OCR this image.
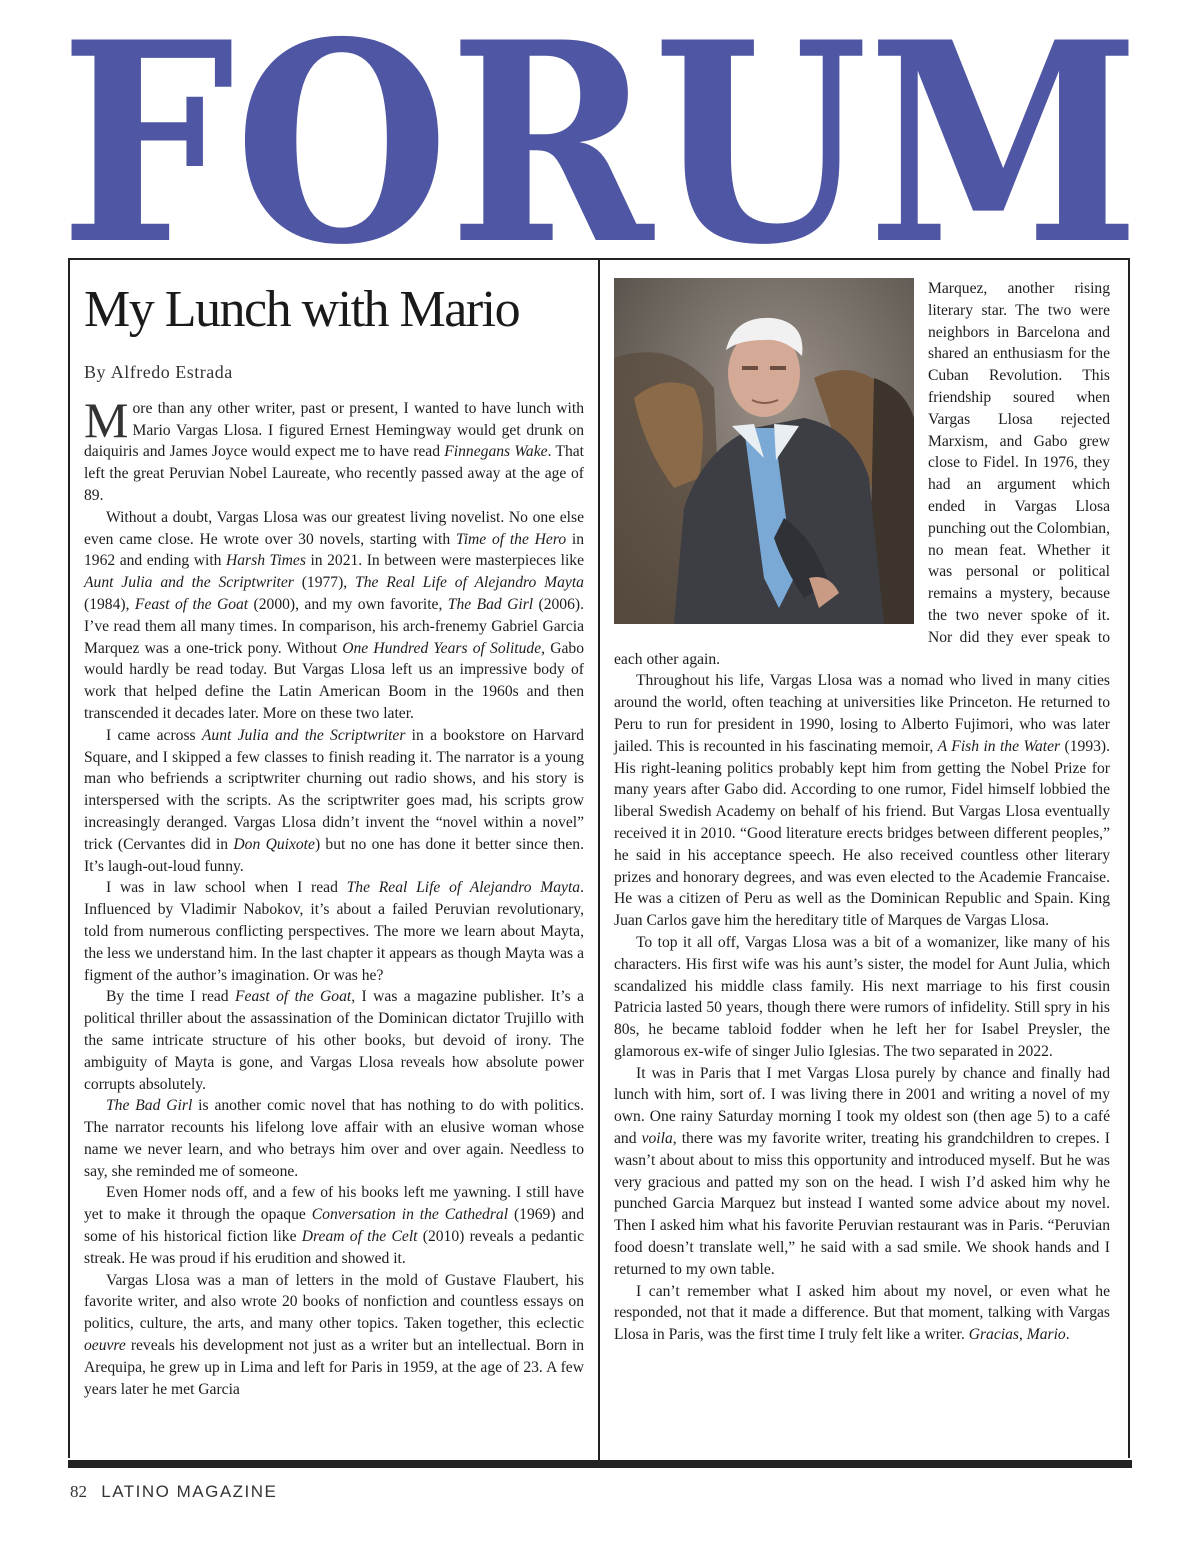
FORUM
My Lunch with Mario
By Alfredo Estrada

More than any other writer, past or present, I wanted to have lunch with Mario Vargas Llosa. I figured Ernest Hemingway would get drunk on daiquiris and James Joyce would expect me to have read Finnegans Wake. That left the great Peruvian Nobel Laureate, who recently passed away at the age of 89.

Without a doubt, Vargas Llosa was our greatest living novelist. No one else even came close. He wrote over 30 novels, starting with Time of the Hero in 1962 and ending with Harsh Times in 2021. In between were masterpieces like Aunt Julia and the Scriptwriter (1977), The Real Life of Alejandro Mayta (1984), Feast of the Goat (2000), and my own favorite, The Bad Girl (2006). I’ve read them all many times. In comparison, his arch-frenemy Gabriel Garcia Marquez was a one-trick pony. Without One Hundred Years of Solitude, Gabo would hardly be read today. But Vargas Llosa left us an impressive body of work that helped define the Latin American Boom in the 1960s and then transcended it decades later. More on these two later.

I came across Aunt Julia and the Scriptwriter in a bookstore on Harvard Square, and I skipped a few classes to finish reading it. The narrator is a young man who befriends a scriptwriter churning out radio shows, and his story is interspersed with the scripts. As the scriptwriter goes mad, his scripts grow increasingly deranged. Vargas Llosa didn’t invent the “novel within a novel” trick (Cervantes did in Don Quixote) but no one has done it better since then. It’s laugh-out-loud funny.

I was in law school when I read The Real Life of Alejandro Mayta. Influenced by Vladimir Nabokov, it’s about a failed Peruvian revolutionary, told from numerous conflicting perspectives. The more we learn about Mayta, the less we understand him. In the last chapter it appears as though Mayta was a figment of the author’s imagination. Or was he?

By the time I read Feast of the Goat, I was a magazine publisher. It’s a political thriller about the assassination of the Dominican dictator Trujillo with the same intricate structure of his other books, but devoid of irony. The ambiguity of Mayta is gone, and Vargas Llosa reveals how absolute power corrupts absolutely.

The Bad Girl is another comic novel that has nothing to do with politics. The narrator recounts his lifelong love affair with an elusive woman whose name we never learn, and who betrays him over and over again. Needless to say, she reminded me of someone.

Even Homer nods off, and a few of his books left me yawning. I still have yet to make it through the opaque Conversation in the Cathedral (1969) and some of his historical fiction like Dream of the Celt (2010) reveals a pedantic streak. He was proud if his erudition and showed it.

Vargas Llosa was a man of letters in the mold of Gustave Flaubert, his favorite writer, and also wrote 20 books of nonfiction and countless essays on politics, culture, the arts, and many other topics. Taken together, this eclectic oeuvre reveals his development not just as a writer but an intellectual. Born in Arequipa, he grew up in Lima and left for Paris in 1959, at the age of 23. A few years later he met Garcia

Marquez, another rising literary star. The two were neighbors in Barcelona and shared an enthusiasm for the Cuban Revolution. This friendship soured when Vargas Llosa rejected Marxism, and Gabo grew close to Fidel. In 1976, they had an argument which ended in Vargas Llosa punching out the Colombian, no mean feat. Whether it was personal or political remains a mystery, because the two never spoke of it. Nor did they ever speak to each other again.

Throughout his life, Vargas Llosa was a nomad who lived in many cities around the world, often teaching at universities like Princeton. He returned to Peru to run for president in 1990, losing to Alberto Fujimori, who was later jailed. This is recounted in his fascinating memoir, A Fish in the Water (1993). His right-leaning politics probably kept him from getting the Nobel Prize for many years after Gabo did. According to one rumor, Fidel himself lobbied the liberal Swedish Academy on behalf of his friend. But Vargas Llosa eventually received it in 2010. “Good literature erects bridges between different peoples,” he said in his acceptance speech. He also received countless other literary prizes and honorary degrees, and was even elected to the Academie Francaise. He was a citizen of Peru as well as the Dominican Republic and Spain. King Juan Carlos gave him the hereditary title of Marques de Vargas Llosa.

To top it all off, Vargas Llosa was a bit of a womanizer, like many of his characters. His first wife was his aunt’s sister, the model for Aunt Julia, which scandalized his middle class family. His next marriage to his first cousin Patricia lasted 50 years, though there were rumors of infidelity. Still spry in his 80s, he became tabloid fodder when he left her for Isabel Preysler, the glamorous ex-wife of singer Julio Iglesias. The two separated in 2022.

It was in Paris that I met Vargas Llosa purely by chance and finally had lunch with him, sort of. I was living there in 2001 and writing a novel of my own. One rainy Saturday morning I took my oldest son (then age 5) to a café and voila, there was my favorite writer, treating his grandchildren to crepes. I wasn’t about about to miss this opportunity and introduced myself. But he was very gracious and patted my son on the head. I wish I’d asked him why he punched Garcia Marquez but instead I wanted some advice about my novel. Then I asked him what his favorite Peruvian restaurant was in Paris. “Peruvian food doesn’t translate well,” he said with a sad smile. We shook hands and I returned to my own table.

I can’t remember what I asked him about my novel, or even what he responded, not that it made a difference. But that moment, talking with Vargas Llosa in Paris, was the first time I truly felt like a writer. Gracias, Mario.

82 LATINO MAGAZINE
